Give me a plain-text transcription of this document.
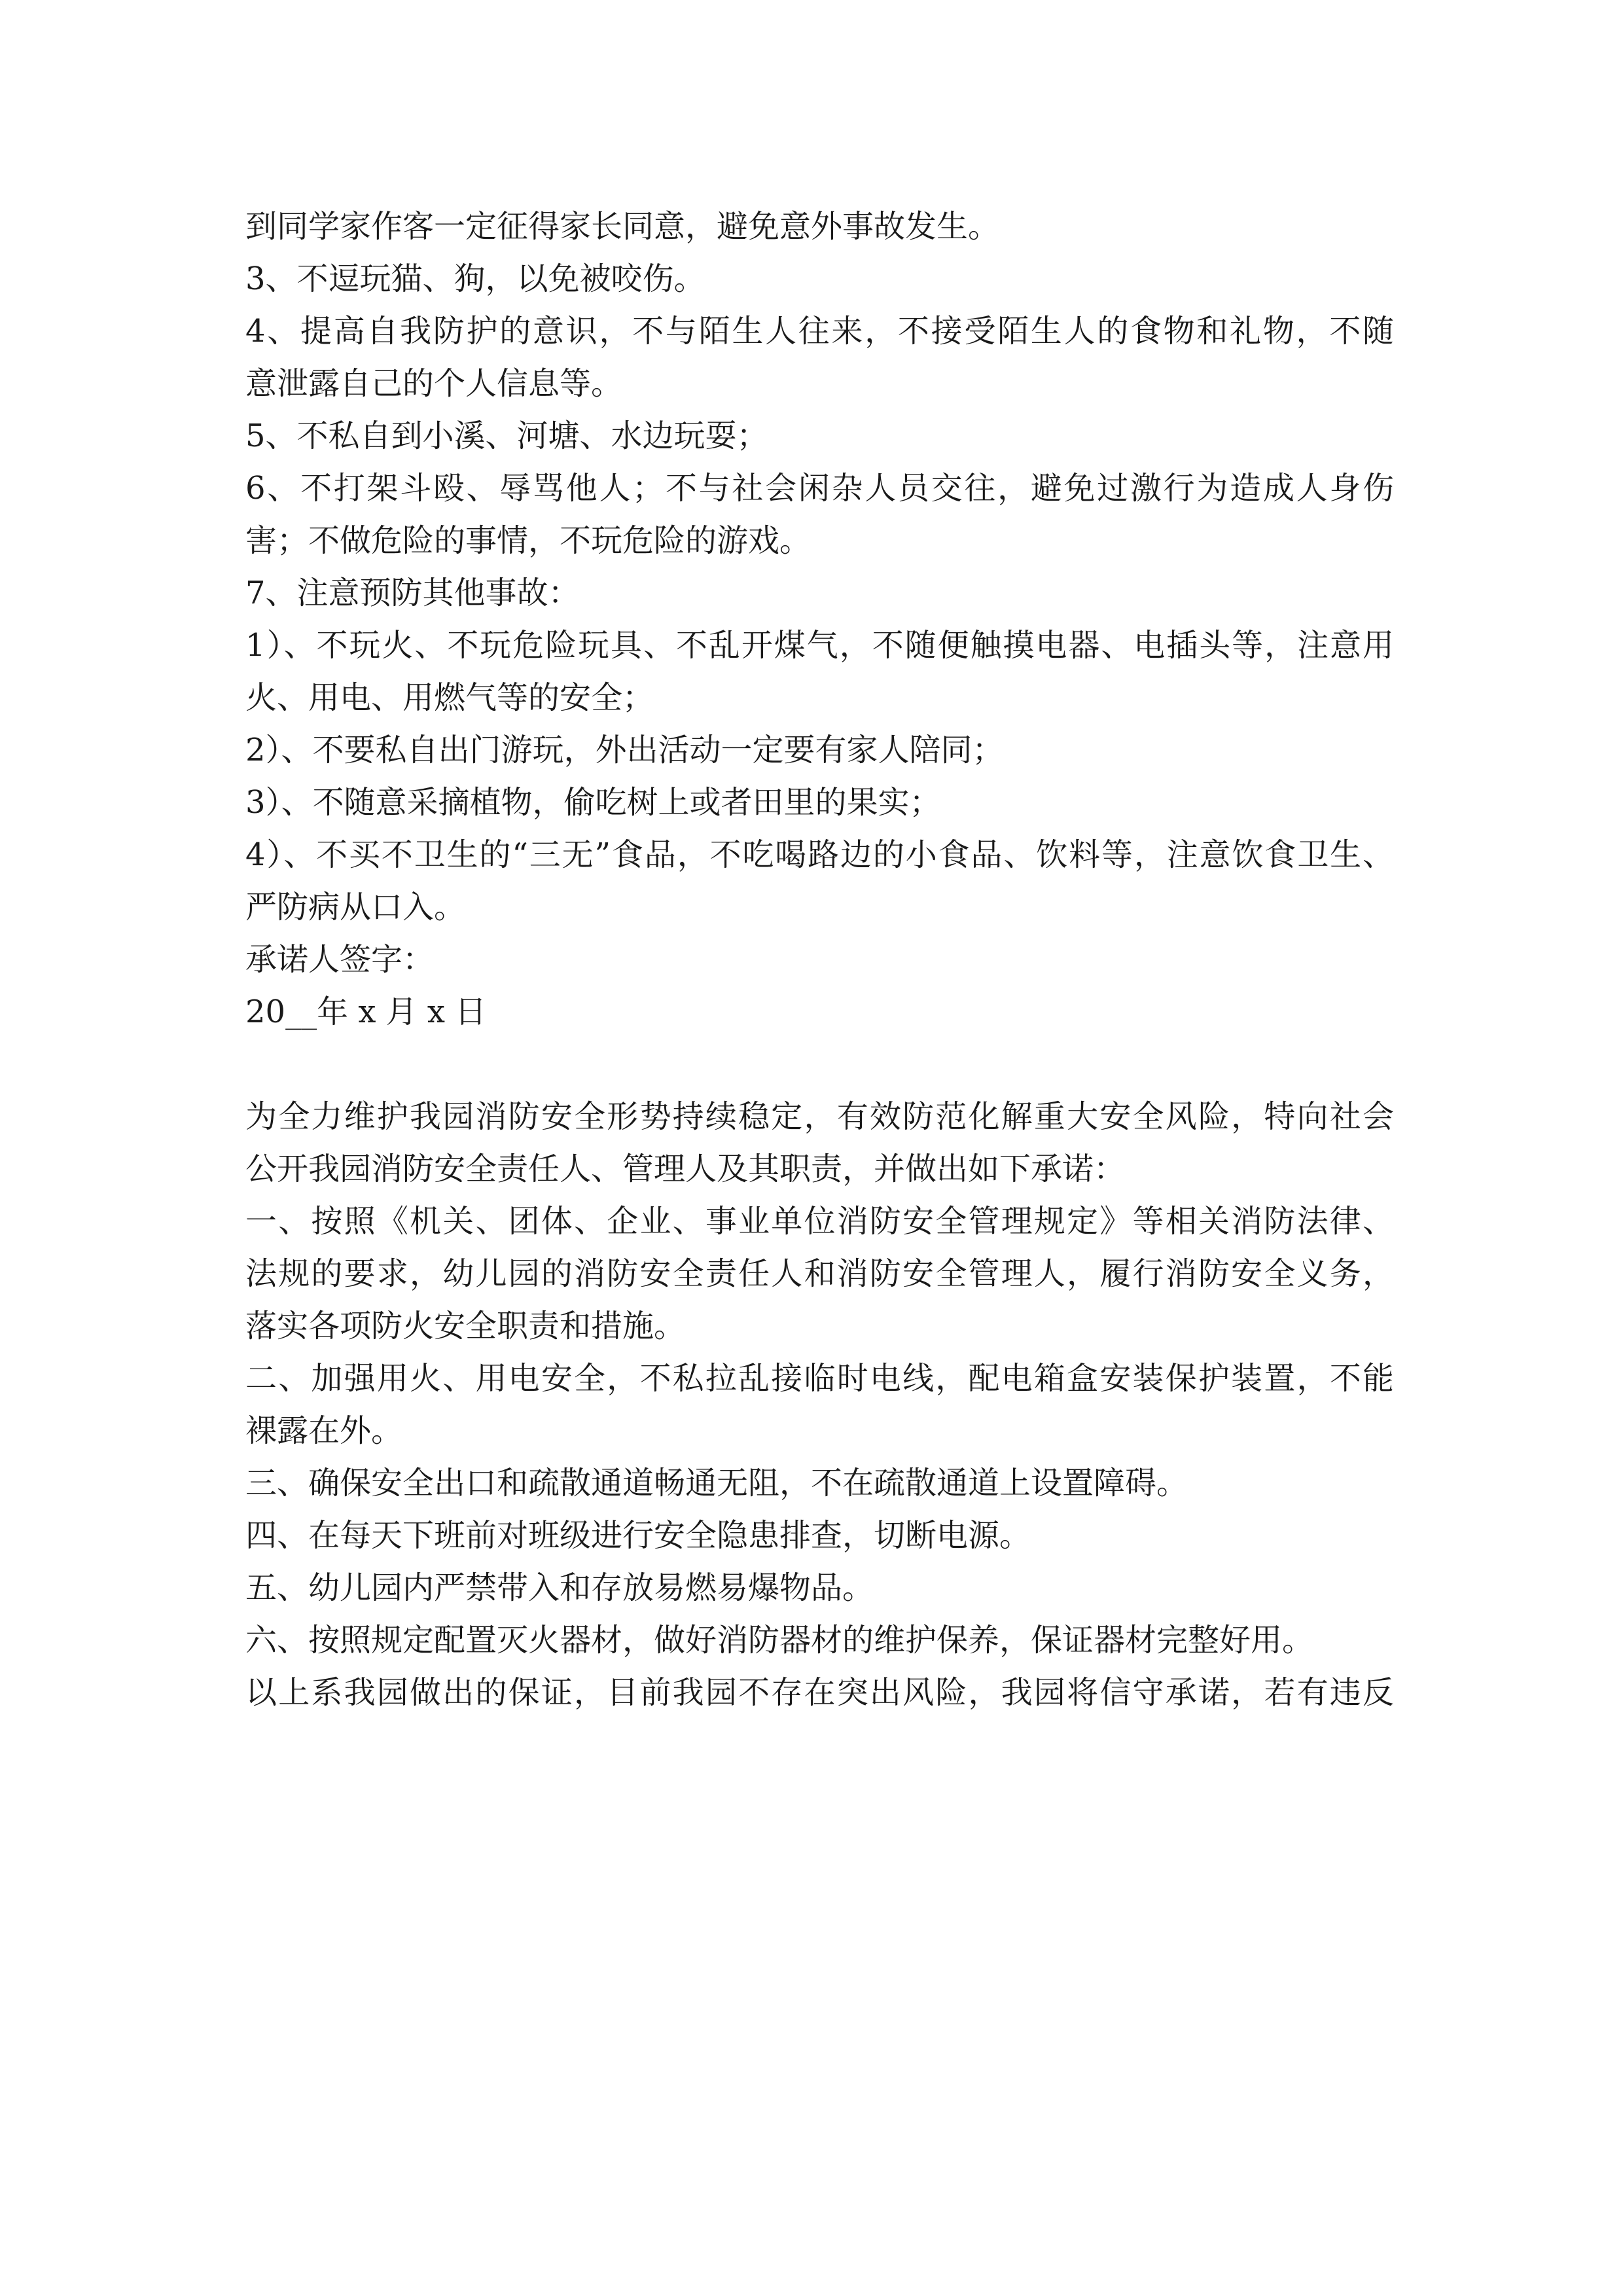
到同学家作客一定征得家长同意，避免意外事故发生。
3、不逗玩猫、狗，以免被咬伤。
4、提高自我防护的意识，不与陌生人往来，不接受陌生人的食物和礼物，不随
意泄露自己的个人信息等。
5、不私自到小溪、河塘、水边玩耍；
6、不打架斗殴、辱骂他人；不与社会闲杂人员交往，避免过激行为造成人身伤
害；不做危险的事情，不玩危险的游戏。
7、注意预防其他事故：
1）、不玩火、不玩危险玩具、不乱开煤气，不随便触摸电器、电插头等，注意用
火、用电、用燃气等的安全；
2）、不要私自出门游玩，外出活动一定要有家人陪同；
3）、不随意采摘植物，偷吃树上或者田里的果实；
4）、不买不卫生的“三无”食品，不吃喝路边的小食品、饮料等，注意饮食卫生、
严防病从口入。
承诺人签字：
20__年 x 月 x 日
为全力维护我园消防安全形势持续稳定，有效防范化解重大安全风险，特向社会
公开我园消防安全责任人、管理人及其职责，并做出如下承诺：
一、按照《机关、团体、企业、事业单位消防安全管理规定》等相关消防法律、
法规的要求，幼儿园的消防安全责任人和消防安全管理人，履行消防安全义务，
落实各项防火安全职责和措施。
二、加强用火、用电安全，不私拉乱接临时电线，配电箱盒安装保护装置，不能
裸露在外。
三、确保安全出口和疏散通道畅通无阻，不在疏散通道上设置障碍。
四、在每天下班前对班级进行安全隐患排查，切断电源。
五、幼儿园内严禁带入和存放易燃易爆物品。
六、按照规定配置灭火器材，做好消防器材的维护保养，保证器材完整好用。
以上系我园做出的保证，目前我园不存在突出风险，我园将信守承诺，若有违反
